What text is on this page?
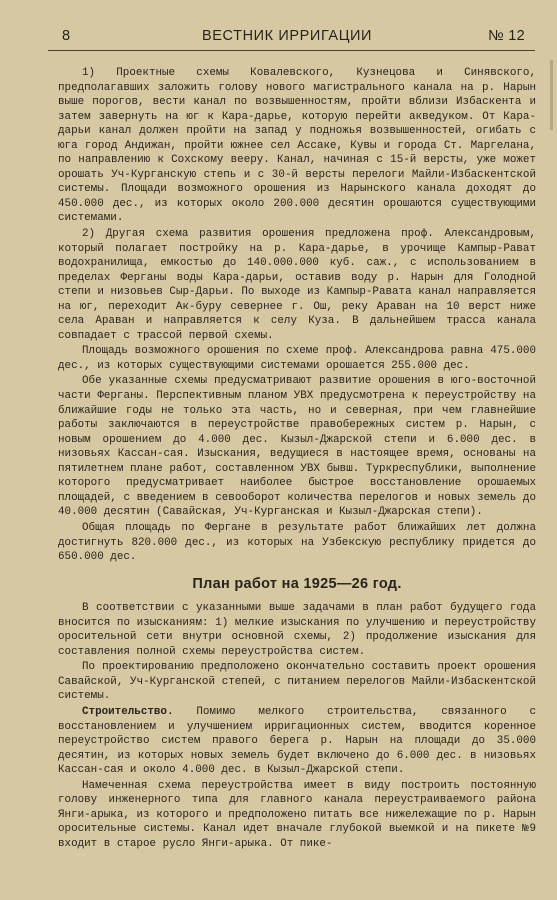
8	ВЕСТНИК ИРРИГАЦИИ	№ 12

1) Проектные схемы Ковалевского, Кузнецова и Синявского, предполагавших заложить голову нового магистрального канала на р. Нарын выше порогов, вести канал по возвышенностям, пройти вблизи Избаскента и затем завернуть на юг к Кара-дарье, которую перейти акведуком. От Кара-дарьи канал должен пройти на запад у подножья возвышенностей, огибать с юга город Андижан, пройти южнее сел Ассаке, Кувы и города Ст. Маргелана, по направлению к Сохскому вееру. Канал, начиная с 15-й версты, уже может орошать Уч-Курганскую степь и с 30-й версты перелоги Майли-Избаскентской системы. Площади возможного орошения из Нарынского канала доходят до 450.000 дес., из которых около 200.000 десятин орошаются существующими системами.

2) Другая схема развития орошения предложена проф. Александровым, который полагает постройку на р. Кара-дарье, в урочище Кампыр-Рават водохранилища, емкостью до 140.000.000 куб. саж., с использованием в пределах Ферганы воды Кара-дарьи, оставив воду р. Нарын для Голодной степи и низовьев Сыр-Дарьи. По выходе из Кампыр-Равата канал направляется на юг, переходит Ак-буру севернее г. Ош, реку Араван на 10 верст ниже села Араван и направляется к селу Куза. В дальнейшем трасса канала совпадает с трассой первой схемы.

Площадь возможного орошения по схеме проф. Александрова равна 475.000 дес., из которых существующими системами орошается 255.000 дес.

Обе указанные схемы предусматривают развитие орошения в юго-восточной части Ферганы. Перспективным планом УВХ предусмотрена к переустройству на ближайшие годы не только эта часть, но и северная, при чем главнейшие работы заключаются в переустройстве правобережных систем р. Нарын, с новым орошением до 4.000 дес. Кызыл-Джарской степи и 6.000 дес. в низовьях Кассан-сая. Изыскания, ведущиеся в настоящее время, основаны на пятилетнем плане работ, составленном УВХ бывш. Туркреспублики, выполнение которого предусматривает наиболее быстрое восстановление орошаемых площадей, с введением в севооборот количества перелогов и новых земель до 40.000 десятин (Савайская, Уч-Курганская и Кызыл-Джарская степи).

Общая площадь по Фергане в результате работ ближайших лет должна достигнуть 820.000 дес., из которых на Узбекскую республику придется до 650.000 дес.

План работ на 1925—26 год.

В соответствии с указанными выше задачами в план работ будущего года вносится по изысканиям: 1) мелкие изыскания по улучшению и переустройству оросительной сети внутри основной схемы, 2) продолжение изыскания для составления полной схемы переустройства систем.

По проектированию предположено окончательно составить проект орошения Савайской, Уч-Курганской степей, с питанием перелогов Майли-Избаскентской системы.

Строительство. Помимо мелкого строительства, связанного с восстановлением и улучшением ирригационных систем, вводится коренное переустройство систем правого берега р. Нарын на площади до 35.000 десятин, из которых новых земель будет включено до 6.000 дес. в низовьях Кассан-сая и около 4.000 дес. в Кызыл-Джарской степи.

Намеченная схема переустройства имеет в виду построить постоянную голову инженерного типа для главного канала переустраиваемого района Янги-арыка, из которого и предположено питать все нижележащие по р. Нарын оросительные системы. Канал идет вначале глубокой выемкой и на пикете №9 входит в старое русло Янги-арыка. От пике-
